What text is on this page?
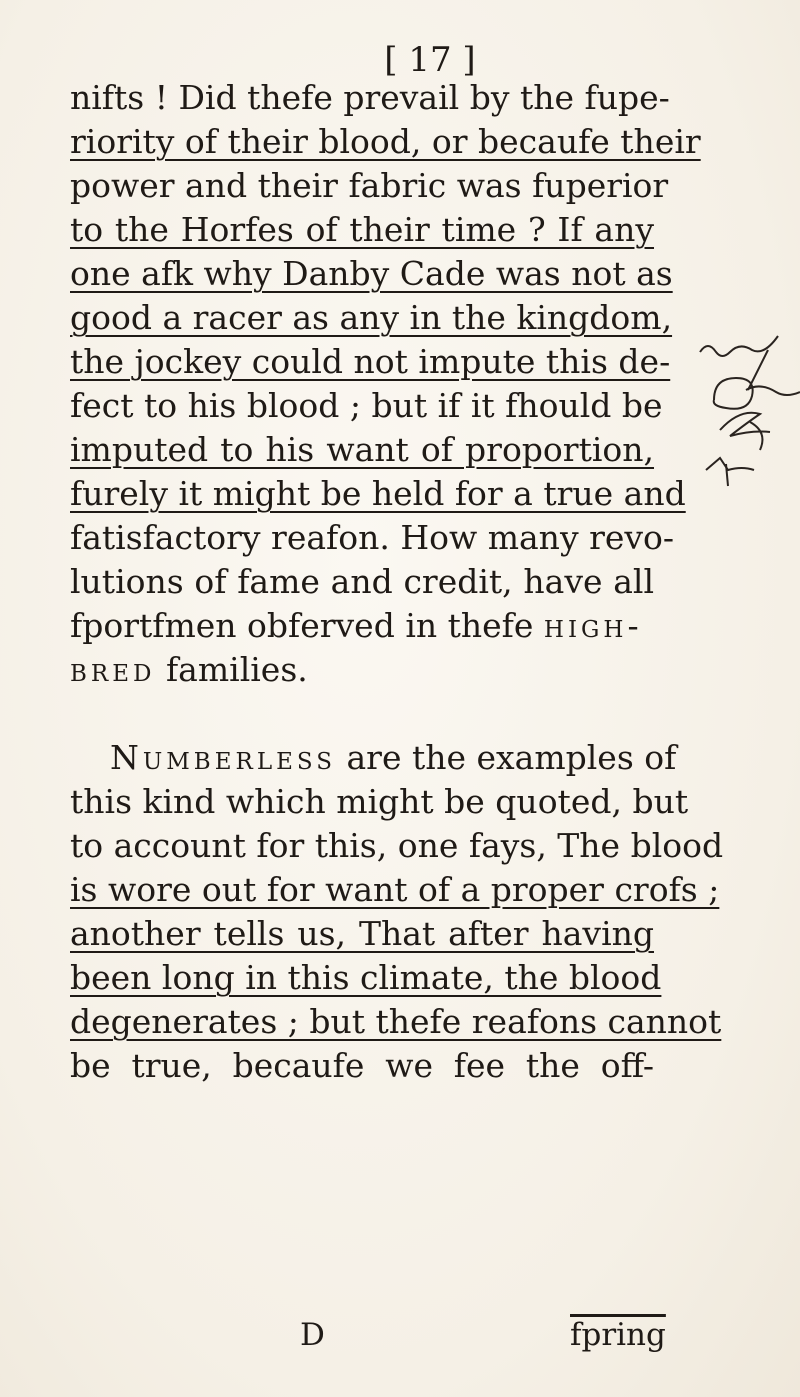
[ 17 ]
nifts ! Did thefe prevail by the fupe-
riority of their blood, or becaufe their
power and their fabric was fuperior
to the Horfes of their time ? If any
one afk why Danby Cade was not as
good a racer as any in the kingdom,
the jockey could not impute this de-
fect to his blood ; but if it fhould be
imputed to his want of proportion,
furely it might be held for a true and
fatisfactory reafon. How many revo-
lutions of fame and credit, have all
fportfmen obferved in thefe high-
bred families.
Numberless are the examples of
this kind which might be quoted, but
to account for this, one fays, The blood
is wore out for want of a proper crofs ;
another tells us, That after having
been long in this climate, the blood
degenerates ; but thefe reafons cannot
be true, becaufe we fee the off-
D	fpring
